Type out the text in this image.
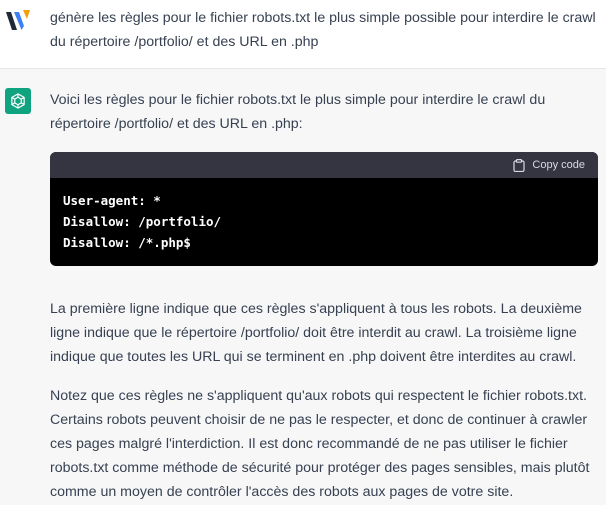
génère les règles pour le fichier robots.txt le plus simple possible pour interdire le crawl du répertoire /portfolio/ et des URL en .php
Voici les règles pour le fichier robots.txt le plus simple pour interdire le crawl du répertoire /portfolio/ et des URL en .php:
Copy code
User-agent: *
Disallow: /portfolio/
Disallow: /*.php$
La première ligne indique que ces règles s'appliquent à tous les robots. La deuxième ligne indique que le répertoire /portfolio/ doit être interdit au crawl. La troisième ligne indique que toutes les URL qui se terminent en .php doivent être interdites au crawl.
Notez que ces règles ne s'appliquent qu'aux robots qui respectent le fichier robots.txt. Certains robots peuvent choisir de ne pas le respecter, et donc de continuer à crawler ces pages malgré l'interdiction. Il est donc recommandé de ne pas utiliser le fichier robots.txt comme méthode de sécurité pour protéger des pages sensibles, mais plutôt comme un moyen de contrôler l'accès des robots aux pages de votre site.
